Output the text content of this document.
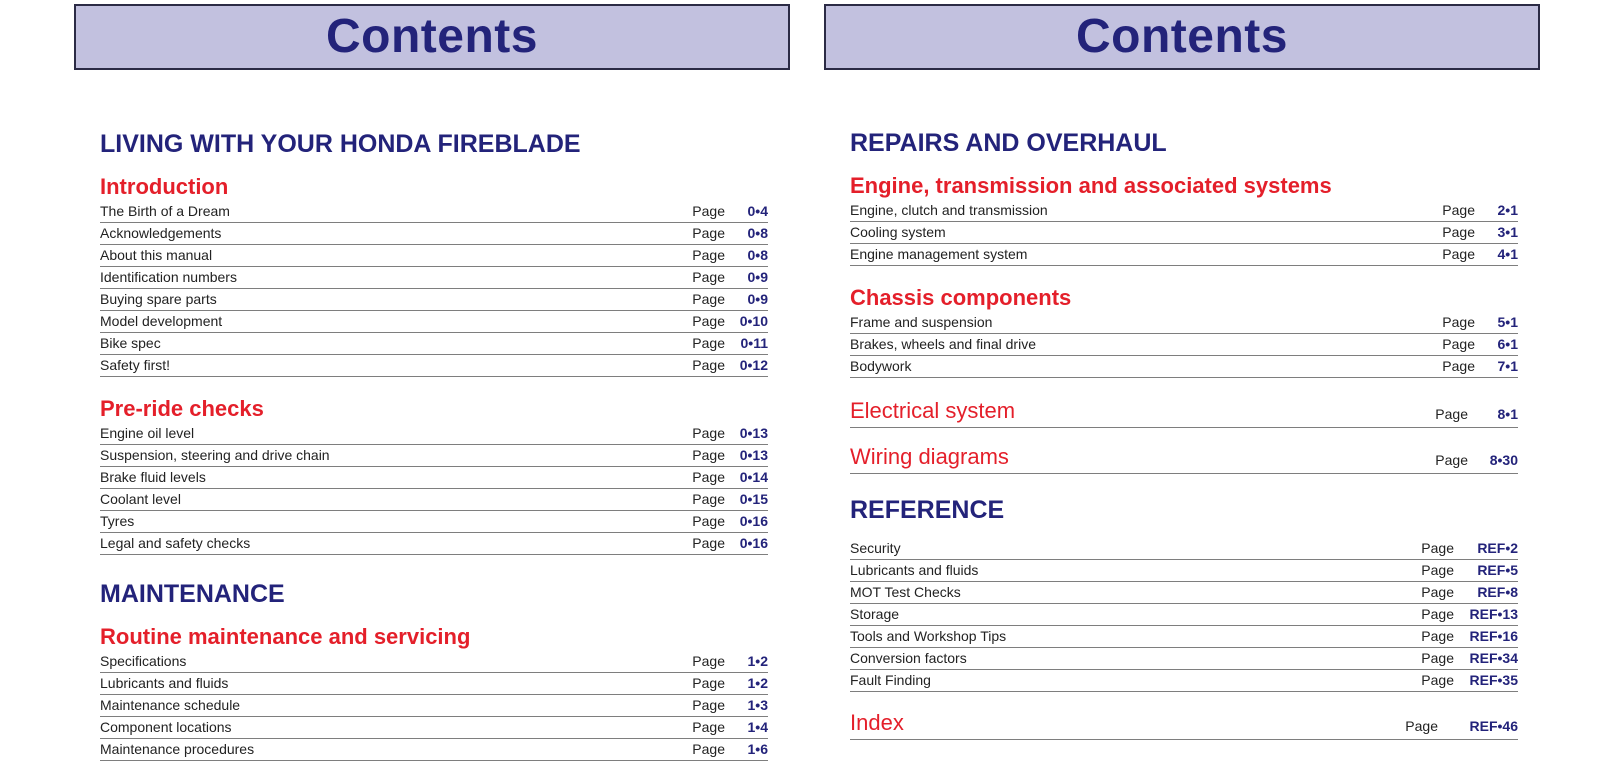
Contents
LIVING WITH YOUR HONDA FIREBLADE
Introduction
The Birth of a Dream	Page 0•4
Acknowledgements	Page 0•8
About this manual	Page 0•8
Identification numbers	Page 0•9
Buying spare parts	Page 0•9
Model development	Page 0•10
Bike spec	Page 0•11
Safety first!	Page 0•12
Pre-ride checks
Engine oil level	Page 0•13
Suspension, steering and drive chain	Page 0•13
Brake fluid levels	Page 0•14
Coolant level	Page 0•15
Tyres	Page 0•16
Legal and safety checks	Page 0•16
MAINTENANCE
Routine maintenance and servicing
Specifications	Page 1•2
Lubricants and fluids	Page 1•2
Maintenance schedule	Page 1•3
Component locations	Page 1•4
Maintenance procedures	Page 1•6
Contents
REPAIRS AND OVERHAUL
Engine, transmission and associated systems
Engine, clutch and transmission	Page 2•1
Cooling system	Page 3•1
Engine management system	Page 4•1
Chassis components
Frame and suspension	Page 5•1
Brakes, wheels and final drive	Page 6•1
Bodywork	Page 7•1
Electrical system	Page 8•1
Wiring diagrams	Page 8•30
REFERENCE
Security	Page REF•2
Lubricants and fluids	Page REF•5
MOT Test Checks	Page REF•8
Storage	Page REF•13
Tools and Workshop Tips	Page REF•16
Conversion factors	Page REF•34
Fault Finding	Page REF•35
Index	Page REF•46
